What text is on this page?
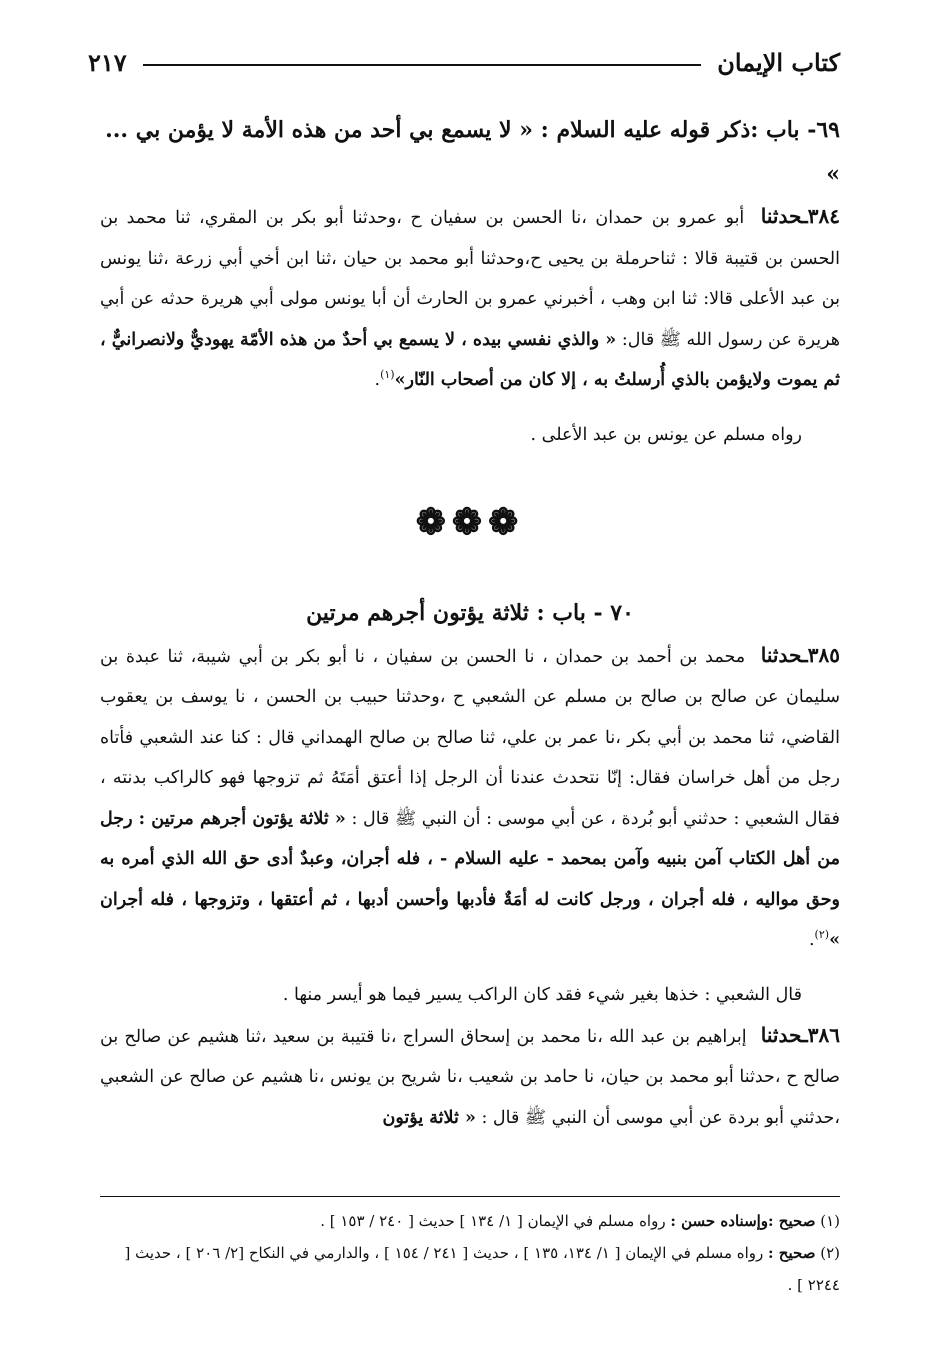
كتاب الإيمان
٢١٧
٦٩- باب :ذكر قوله عليه السلام : « لا يسمع بي أحد من هذه الأمة لا يؤمن بي ... »

٣٨٤ـحدثنا أبو عمرو بن حمدان ،نا الحسن بن سفيان ح ،وحدثنا أبو بكر بن المقري، ثنا محمد بن الحسن بن قتيبة قالا : ثناحرملة بن يحيى ح،وحدثنا أبو محمد بن حيان ،ثنا ابن أخي أبي زرعة ،ثنا يونس بن عبد الأعلى قالا: ثنا ابن وهب ، أخبرني عمرو بن الحارث أن أبا يونس مولى أبي هريرة حدثه عن أبي هريرة عن رسول الله ﷺ قال: « والذي نفسي بيده ، لا يسمع بي أحدٌ من هذه الأمّة يهوديٌّ ولانصرانيٌّ ، ثم يموت ولايؤمن بالذي أُرسلتُ به ، إلا كان من أصحاب النّار»$^{(١)}$.

رواه مسلم عن يونس بن عبد الأعلى .

❁❁❁
٧٠ - باب : ثلاثة يؤتون أجرهم مرتين

٣٨٥ـحدثنا محمد بن أحمد بن حمدان ، نا الحسن بن سفيان ، نا أبو بكر بن أبي شيبة، ثنا عبدة بن سليمان عن صالح بن صالح بن مسلم عن الشعبي ح ،وحدثنا حبيب بن الحسن ، نا يوسف بن يعقوب القاضي، ثنا محمد بن أبي بكر ،نا عمر بن علي، ثنا صالح بن صالح الهمداني قال : كنا عند الشعبي فأتاه رجل من أهل خراسان فقال: إنّا نتحدث عندنا أن الرجل إذا أعتق أمَتَهُ ثم تزوجها فهو كالراكب بدنته ، فقال الشعبي : حدثني أبو بُردة ، عن أبي موسى : أن النبي ﷺ قال : « ثلاثة يؤتون أجرهم مرتين : رجل من أهل الكتاب آمن بنبيه وآمن بمحمد - عليه السلام - ، فله أجران، وعبدٌ أدى حق الله الذي أمره به وحق مواليه ، فله أجران ، ورجل كانت له أمَةٌ فأدبها وأحسن أدبها ، ثم أعتقها ، وتزوجها ، فله أجران »$^{(٢)}$.

قال الشعبي : خذها بغير شيء فقد كان الراكب يسير فيما هو أيسر منها .

٣٨٦ـحدثنا إبراهيم بن عبد الله ،نا محمد بن إسحاق السراج ،نا قتيبة بن سعيد ،ثنا هشيم عن صالح بن صالح ح ،حدثنا أبو محمد بن حيان، نا حامد بن شعيب ،نا شريح بن يونس ،نا هشيم عن صالح عن الشعبي ،حدثني أبو بردة عن أبي موسى أن النبي ﷺ قال : « ثلاثة يؤتون

(١) صحيح :وإسناده حسن : رواه مسلم في الإيمان [ ١/ ١٣٤ ] حديث [ ٢٤٠ / ١٥٣ ] .

(٢) صحيح : رواه مسلم في الإيمان [ ١/ ١٣٤، ١٣٥ ] ، حديث [ ٢٤١ / ١٥٤ ] ، والدارمي في النكاح [٢/ ٢٠٦ ] ، حديث [ ٢٢٤٤ ] .
